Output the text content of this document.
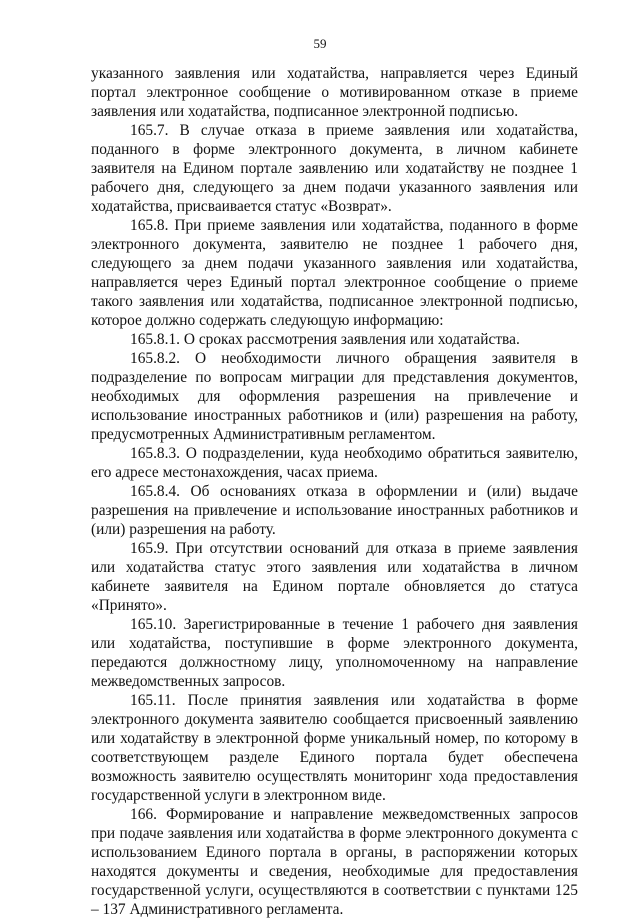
59

указанного заявления или ходатайства, направляется через Единый портал электронное сообщение о мотивированном отказе в приеме заявления или ходатайства, подписанное электронной подписью.

165.7. В случае отказа в приеме заявления или ходатайства, поданного в форме электронного документа, в личном кабинете заявителя на Едином портале заявлению или ходатайству не позднее 1 рабочего дня, следующего за днем подачи указанного заявления или ходатайства, присваивается статус «Возврат».

165.8. При приеме заявления или ходатайства, поданного в форме электронного документа, заявителю не позднее 1 рабочего дня, следующего за днем подачи указанного заявления или ходатайства, направляется через Единый портал электронное сообщение о приеме такого заявления или ходатайства, подписанное электронной подписью, которое должно содержать следующую информацию:

165.8.1. О сроках рассмотрения заявления или ходатайства.

165.8.2. О необходимости личного обращения заявителя в подразделение по вопросам миграции для представления документов, необходимых для оформления разрешения на привлечение и использование иностранных работников и (или) разрешения на работу, предусмотренных Административным регламентом.

165.8.3. О подразделении, куда необходимо обратиться заявителю, его адресе местонахождения, часах приема.

165.8.4. Об основаниях отказа в оформлении и (или) выдаче разрешения на привлечение и использование иностранных работников и (или) разрешения на работу.

165.9. При отсутствии оснований для отказа в приеме заявления или ходатайства статус этого заявления или ходатайства в личном кабинете заявителя на Едином портале обновляется до статуса «Принято».

165.10. Зарегистрированные в течение 1 рабочего дня заявления или ходатайства, поступившие в форме электронного документа, передаются должностному лицу, уполномоченному на направление межведомственных запросов.

165.11. После принятия заявления или ходатайства в форме электронного документа заявителю сообщается присвоенный заявлению или ходатайству в электронной форме уникальный номер, по которому в соответствующем разделе Единого портала будет обеспечена возможность заявителю осуществлять мониторинг хода предоставления государственной услуги в электронном виде.

166. Формирование и направление межведомственных запросов при подаче заявления или ходатайства в форме электронного документа с использованием Единого портала в органы, в распоряжении которых находятся документы и сведения, необходимые для предоставления государственной услуги, осуществляются в соответствии с пунктами 125 – 137 Административного регламента.
